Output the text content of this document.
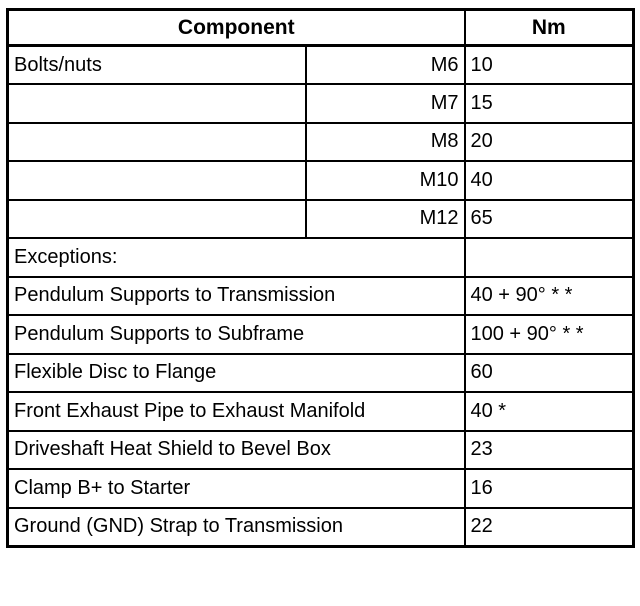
Component		Nm
Bolts/nuts	M6	10
	M7	15
	M8	20
	M10	40
	M12	65
Exceptions:		
Pendulum Supports to Transmission		40 + 90° * *
Pendulum Supports to Subframe		100 + 90° * *
Flexible Disc to Flange		60
Front Exhaust Pipe to Exhaust Manifold		40 *
Driveshaft Heat Shield to Bevel Box		23
Clamp B+ to Starter		16
Ground (GND) Strap to Transmission		22
